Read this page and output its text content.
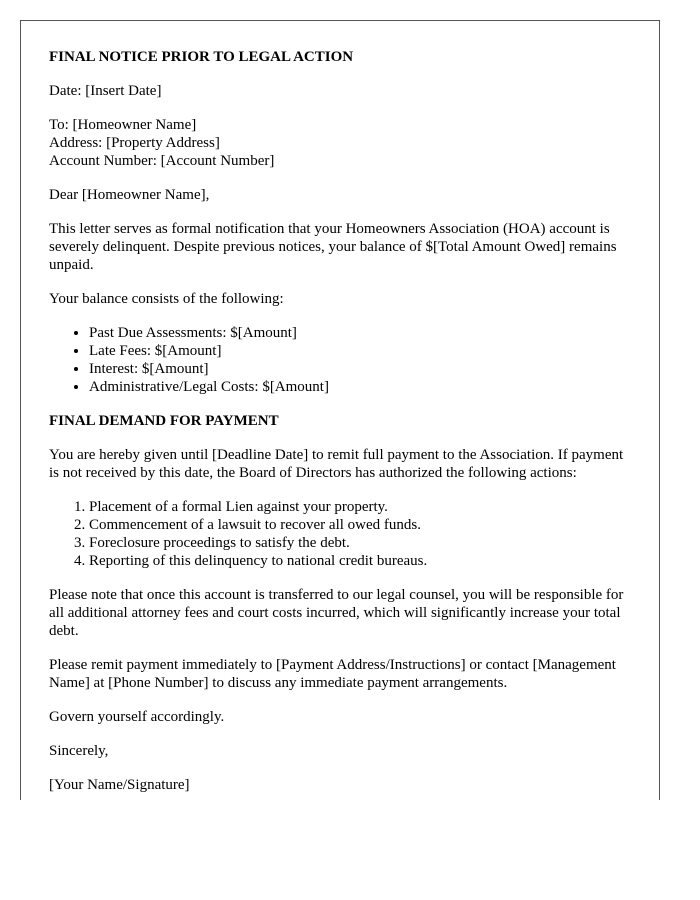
FINAL NOTICE PRIOR TO LEGAL ACTION

Date: [Insert Date]

To: [Homeowner Name]
Address: [Property Address]
Account Number: [Account Number]

Dear [Homeowner Name],

This letter serves as formal notification that your Homeowners Association (HOA) account is severely delinquent. Despite previous notices, your balance of $[Total Amount Owed] remains unpaid.

Your balance consists of the following:

• Past Due Assessments: $[Amount]
• Late Fees: $[Amount]
• Interest: $[Amount]
• Administrative/Legal Costs: $[Amount]
FINAL DEMAND FOR PAYMENT

You are hereby given until [Deadline Date] to remit full payment to the Association. If payment is not received by this date, the Board of Directors has authorized the following actions:

1. Placement of a formal Lien against your property.
2. Commencement of a lawsuit to recover all owed funds.
3. Foreclosure proceedings to satisfy the debt.
4. Reporting of this delinquency to national credit bureaus.

Please note that once this account is transferred to our legal counsel, you will be responsible for all additional attorney fees and court costs incurred, which will significantly increase your total debt.

Please remit payment immediately to [Payment Address/Instructions] or contact [Management Name] at [Phone Number] to discuss any immediate payment arrangements.

Govern yourself accordingly.

Sincerely,

[Your Name/Signature]
